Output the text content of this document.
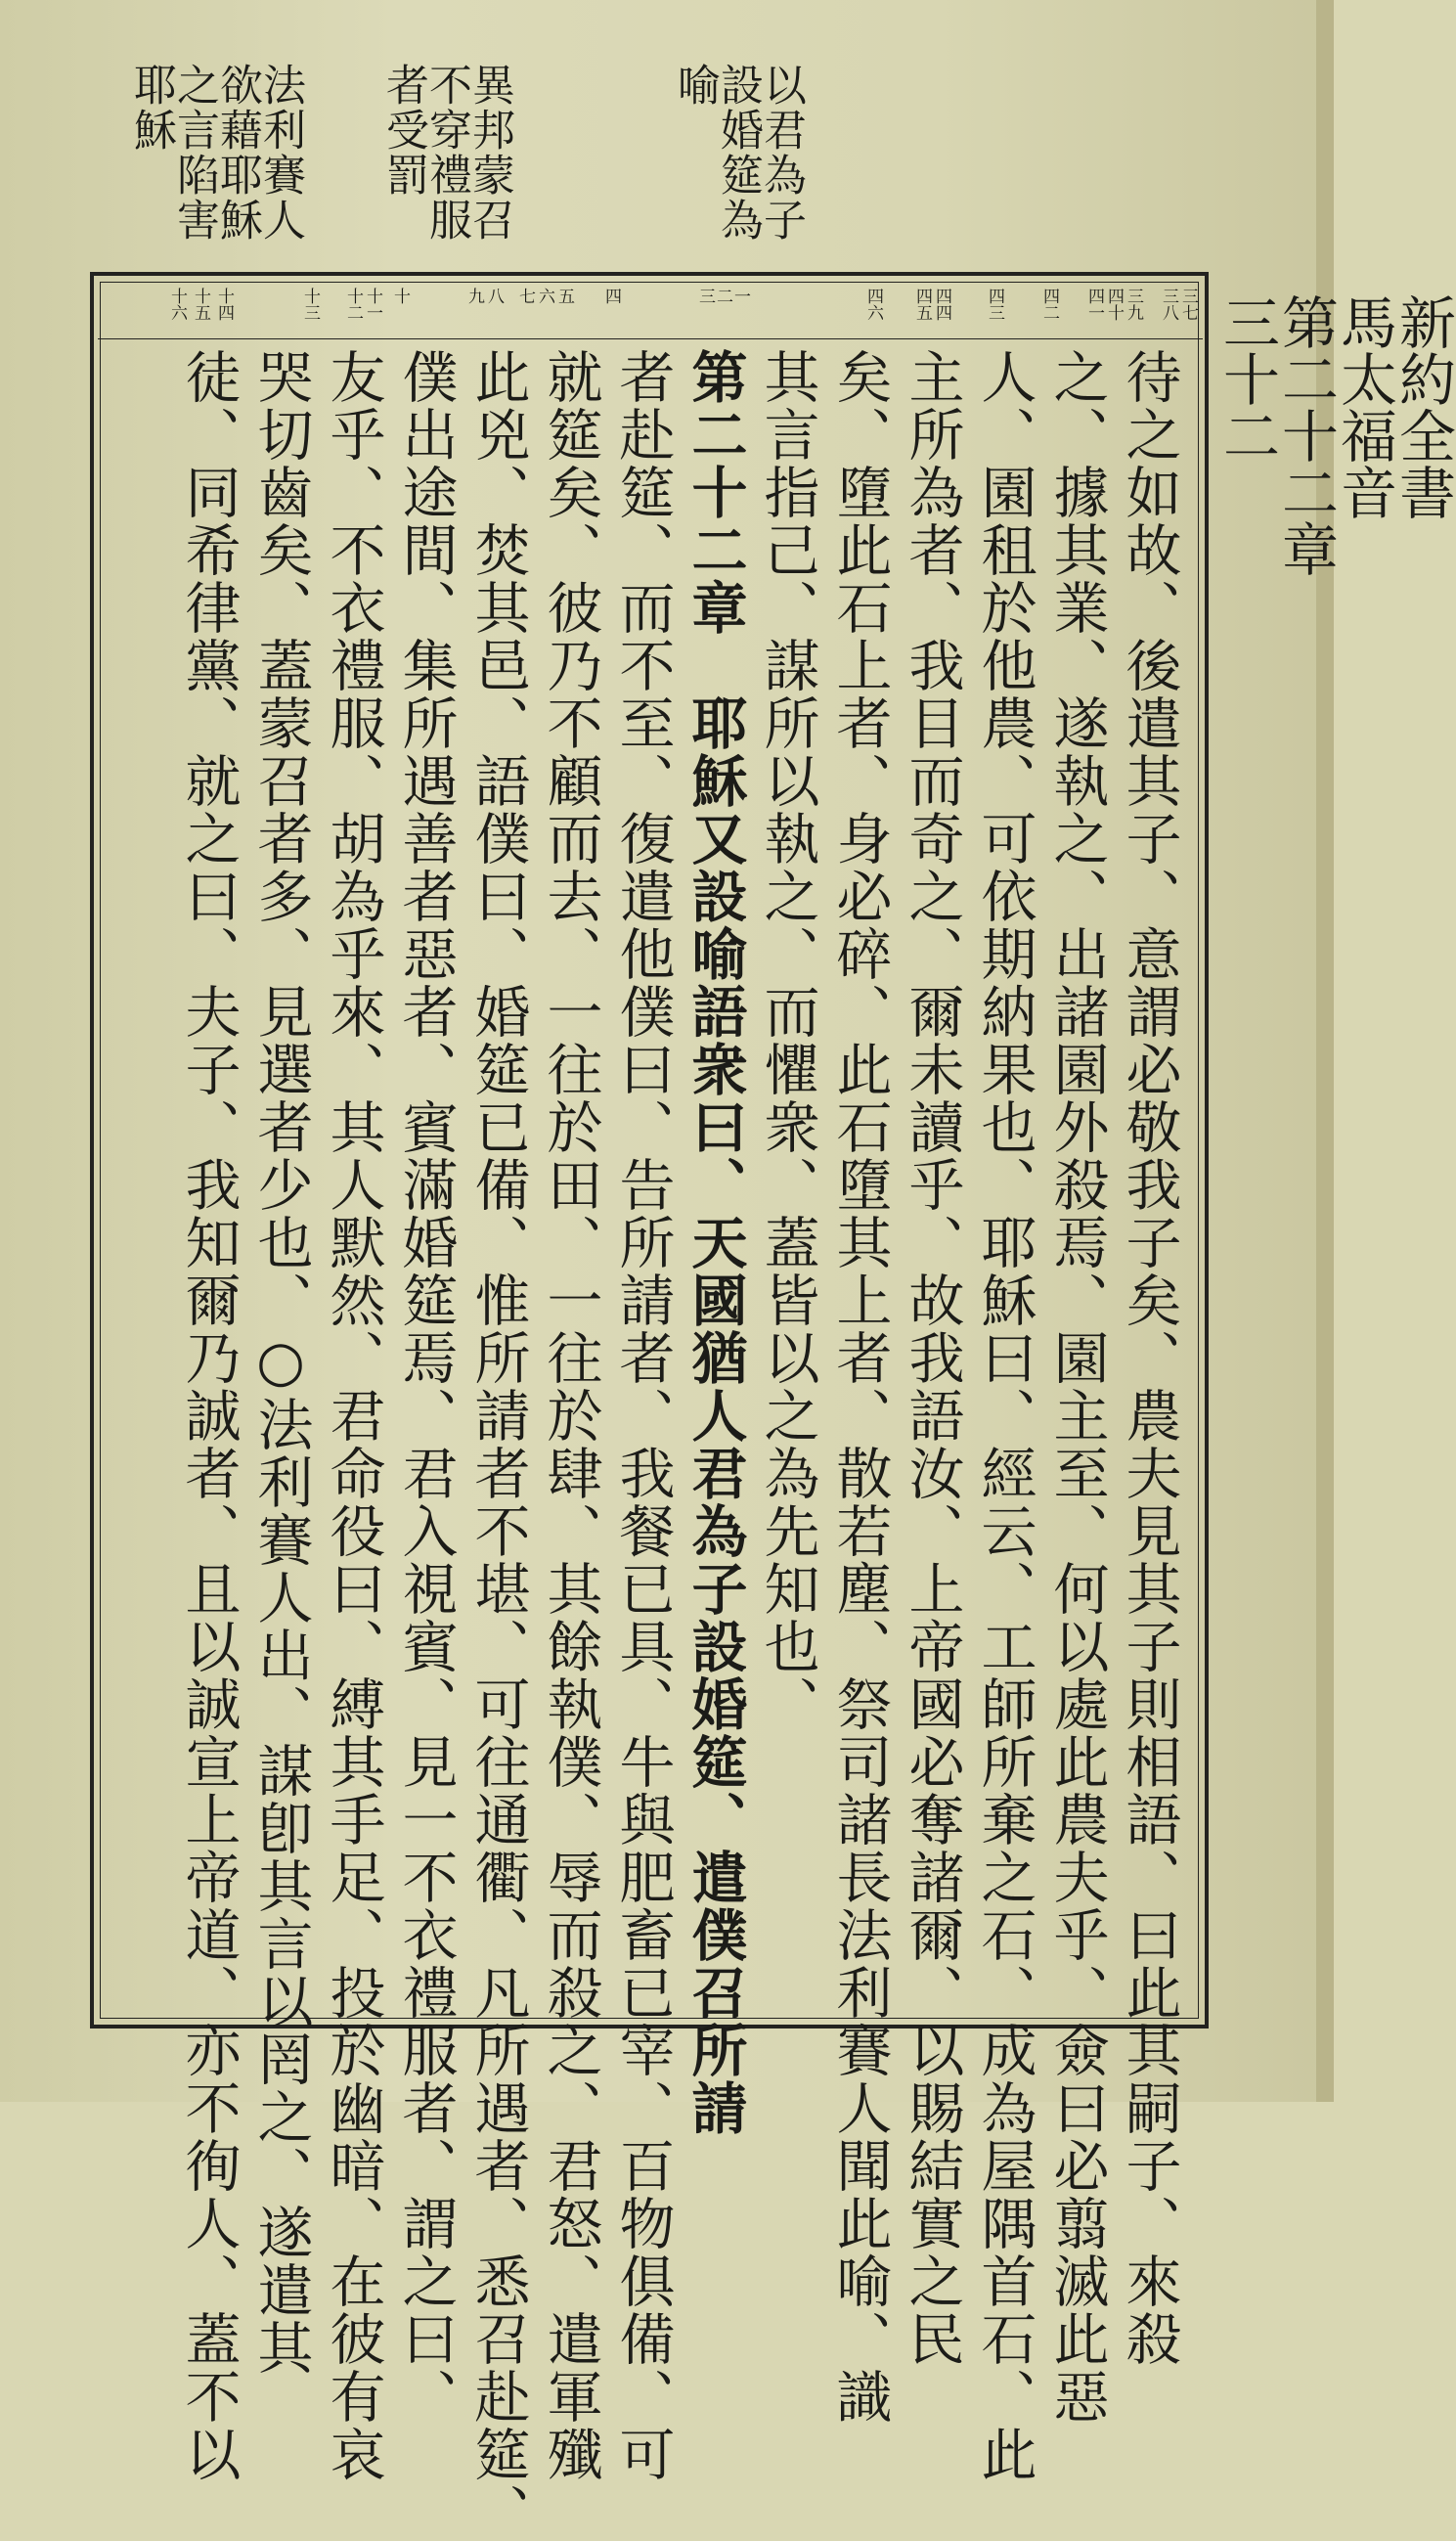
以君為子
設婚筵為
喻
異邦蒙召
不穿禮服
者受罰
法利賽人
欲藉耶穌
之言陷害
耶穌
新約全書
馬太福音
第二十二章
三十二
三七
三八
三九
四十
四一
四二
四三
四四
四五
四六
一
二
三
四
五
六
七
八
九
十
十一
十二
十三
十四
十五
十六
待之如故、後遣其子、意謂必敬我子矣、農夫見其子則相語、曰此其嗣子、來殺
之、據其業、遂執之、出諸園外殺焉、園主至、何以處此農夫乎、僉曰必翦滅此惡
人、園租於他農、可依期納果也、耶穌曰、經云、工師所棄之石、成為屋隅首石、此
主所為者、我目而奇之、爾未讀乎、故我語汝、上帝國必奪諸爾、以賜結實之民
矣、墮此石上者、身必碎、此石墮其上者、散若塵、祭司諸長法利賽人聞此喻、識
其言指己、謀所以執之、而懼衆、蓋皆以之為先知也、
第二十二章　耶穌又設喻語衆曰、天國猶人君為子設婚筵、遣僕召所請
者赴筵、而不至、復遣他僕曰、告所請者、我餐已具、牛與肥畜已宰、百物俱備、可
就筵矣、彼乃不顧而去、一往於田、一往於肆、其餘執僕、辱而殺之、君怒、遣軍殲
此兇、焚其邑、語僕曰、婚筵已備、惟所請者不堪、可往通衢、凡所遇者、悉召赴筵、
僕出途間、集所遇善者惡者、賓滿婚筵焉、君入視賓、見一不衣禮服者、謂之曰、
友乎、不衣禮服、胡為乎來、其人默然、君命役曰、縛其手足、投於幽暗、在彼有哀
哭切齒矣、蓋蒙召者多、見選者少也、○法利賽人出、謀卽其言以罔之、遂遣其
徒、同希律黨、就之曰、夫子、我知爾乃誠者、且以誠宣上帝道、亦不徇人、蓋不以
